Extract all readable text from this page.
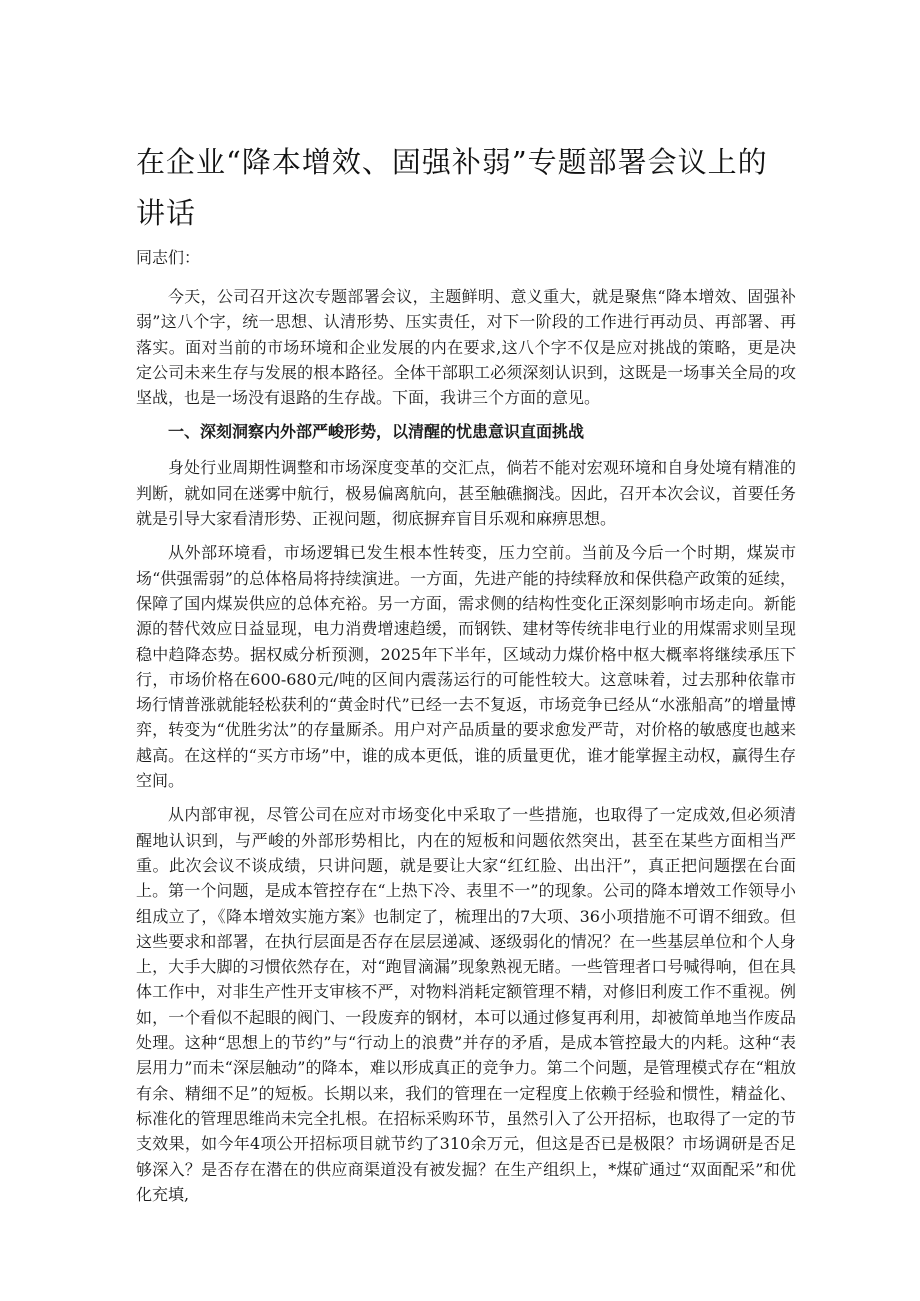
在企业“降本增效、固强补弱”专题部署会议上的讲话

同志们：

今天，公司召开这次专题部署会议，主题鲜明、意义重大，就是聚焦“降本增效、固强补弱”这八个字，统一思想、认清形势、压实责任，对下一阶段的工作进行再动员、再部署、再落实。面对当前的市场环境和企业发展的内在要求,这八个字不仅是应对挑战的策略，更是决定公司未来生存与发展的根本路径。全体干部职工必须深刻认识到，这既是一场事关全局的攻坚战，也是一场没有退路的生存战。下面，我讲三个方面的意见。

一、深刻洞察内外部严峻形势，以清醒的忧患意识直面挑战

身处行业周期性调整和市场深度变革的交汇点，倘若不能对宏观环境和自身处境有精准的判断，就如同在迷雾中航行，极易偏离航向，甚至触礁搁浅。因此，召开本次会议，首要任务就是引导大家看清形势、正视问题，彻底摒弃盲目乐观和麻痹思想。

从外部环境看，市场逻辑已发生根本性转变，压力空前。当前及今后一个时期，煤炭市场“供强需弱”的总体格局将持续演进。一方面，先进产能的持续释放和保供稳产政策的延续，保障了国内煤炭供应的总体充裕。另一方面，需求侧的结构性变化正深刻影响市场走向。新能源的替代效应日益显现，电力消费增速趋缓，而钢铁、建材等传统非电行业的用煤需求则呈现稳中趋降态势。据权威分析预测，2025年下半年，区域动力煤价格中枢大概率将继续承压下行，市场价格在600-680元/吨的区间内震荡运行的可能性较大。这意味着，过去那种依靠市场行情普涨就能轻松获利的“黄金时代”已经一去不复返，市场竞争已经从“水涨船高”的增量博弈，转变为“优胜劣汰”的存量厮杀。用户对产品质量的要求愈发严苛，对价格的敏感度也越来越高。在这样的“买方市场”中，谁的成本更低，谁的质量更优，谁才能掌握主动权，赢得生存空间。

从内部审视，尽管公司在应对市场变化中采取了一些措施，也取得了一定成效,但必须清醒地认识到，与严峻的外部形势相比，内在的短板和问题依然突出，甚至在某些方面相当严重。此次会议不谈成绩，只讲问题，就是要让大家“红红脸、出出汗”，真正把问题摆在台面上。第一个问题，是成本管控存在“上热下冷、表里不一”的现象。公司的降本增效工作领导小组成立了，《降本增效实施方案》也制定了，梳理出的7大项、36小项措施不可谓不细致。但这些要求和部署，在执行层面是否存在层层递减、逐级弱化的情况？在一些基层单位和个人身上，大手大脚的习惯依然存在，对“跑冒滴漏”现象熟视无睹。一些管理者口号喊得响，但在具体工作中，对非生产性开支审核不严，对物料消耗定额管理不精，对修旧利废工作不重视。例如，一个看似不起眼的阀门、一段废弃的钢材，本可以通过修复再利用，却被简单地当作废品处理。这种“思想上的节约”与“行动上的浪费”并存的矛盾，是成本管控最大的内耗。这种“表层用力”而未“深层触动”的降本，难以形成真正的竞争力。第二个问题，是管理模式存在“粗放有余、精细不足”的短板。长期以来，我们的管理在一定程度上依赖于经验和惯性，精益化、标准化的管理思维尚未完全扎根。在招标采购环节，虽然引入了公开招标，也取得了一定的节支效果，如今年4项公开招标项目就节约了310余万元，但这是否已是极限？市场调研是否足够深入？是否存在潜在的供应商渠道没有被发掘？在生产组织上，*煤矿通过“双面配采”和优化充填,
